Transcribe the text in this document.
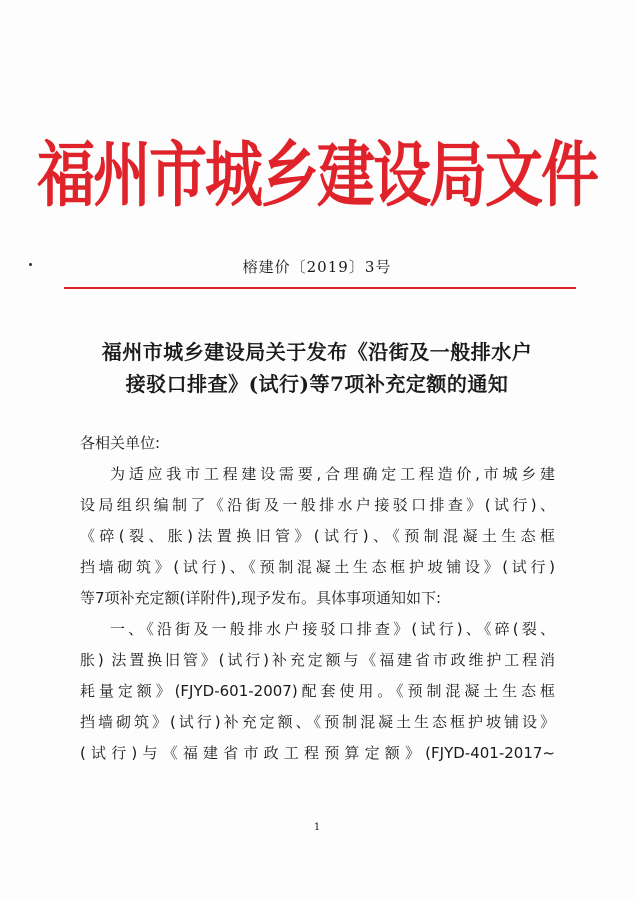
福州市城乡建设局文件
榕建价〔2019〕3号
福州市城乡建设局关于发布《沿街及一般排水户
接驳口排查》(试行)等7项补充定额的通知
各相关单位:
为适应我市工程建设需要,合理确定工程造价,市城乡建
设局组织编制了《沿街及一般排水户接驳口排查》(试行)、
《碎(裂、胀)法置换旧管》(试行)、《预制混凝土生态框
挡墙砌筑》(试行)、《预制混凝土生态框护坡铺设》(试行)
等7项补充定额(详附件),现予发布。具体事项通知如下:
一、《沿街及一般排水户接驳口排查》(试行)、《碎(裂、
胀) 法置换旧管》(试行)补充定额与《福建省市政维护工程消
耗量定额》(FJYD-601-2007)配套使用。《预制混凝土生态框
挡墙砌筑》(试行)补充定额、《预制混凝土生态框护坡铺设》
(试行)与《福建省市政工程预算定额》(FJYD-401-2017~
1
